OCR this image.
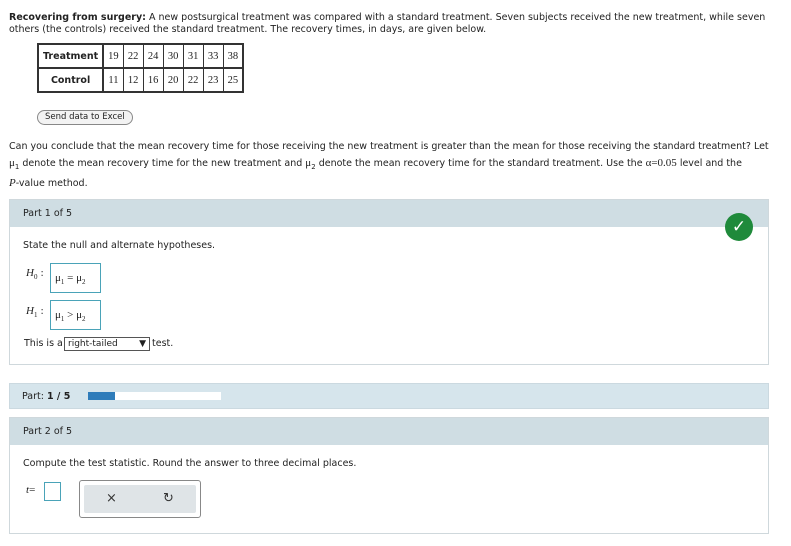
Recovering from surgery: A new postsurgical treatment was compared with a standard treatment. Seven subjects received the new treatment, while seven others (the controls) received the standard treatment. The recovery times, in days, are given below.
Treatment	19	22	24	30	31	33	38
Control	11	12	16	20	22	23	25
Send data to Excel
Can you conclude that the mean recovery time for those receiving the new treatment is greater than the mean for those receiving the standard treatment? Let
$\mu_1$ denote the mean recovery time for the new treatment and $\mu_2$ denote the mean recovery time for the standard treatment. Use the α=0.05 level and the
P-value method.
Part 1 of 5
✓
State the null and alternate hypotheses.
$H_0$ :	$\mu_1 = \mu_2$
$H_1$ :	$\mu_1 > \mu_2$
This is a right-tailed ▼ test.
Part: 1 / 5
Part 2 of 5
Compute the test statistic. Round the answer to three decimal places.
t=
×	↻
